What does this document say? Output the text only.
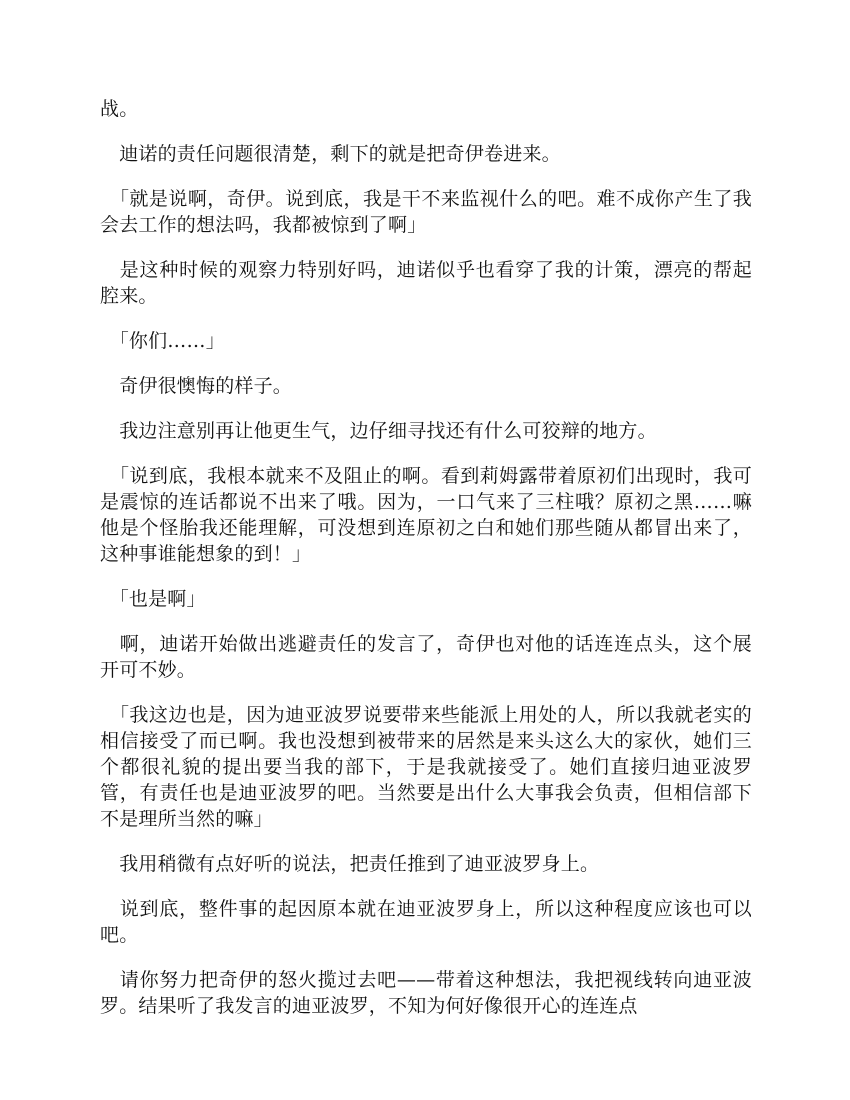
战。

　迪诺的责任问题很清楚，剩下的就是把奇伊卷进来。

　「就是说啊，奇伊。说到底，我是干不来监视什么的吧。难不成你产生了我会去工作的想法吗，我都被惊到了啊」

　是这种时候的观察力特别好吗，迪诺似乎也看穿了我的计策，漂亮的帮起腔来。

　「你们……」

　奇伊很懊悔的样子。

　我边注意别再让他更生气，边仔细寻找还有什么可狡辩的地方。

　「说到底，我根本就来不及阻止的啊。看到莉姆露带着原初们出现时，我可是震惊的连话都说不出来了哦。因为，一口气来了三柱哦？原初之黑……嘛他是个怪胎我还能理解，可没想到连原初之白和她们那些随从都冒出来了，这种事谁能想象的到！」

　「也是啊」

　啊，迪诺开始做出逃避责任的发言了，奇伊也对他的话连连点头，这个展开可不妙。

　「我这边也是，因为迪亚波罗说要带来些能派上用处的人，所以我就老实的相信接受了而已啊。我也没想到被带来的居然是来头这么大的家伙，她们三个都很礼貌的提出要当我的部下，于是我就接受了。她们直接归迪亚波罗管，有责任也是迪亚波罗的吧。当然要是出什么大事我会负责，但相信部下不是理所当然的嘛」

　我用稍微有点好听的说法，把责任推到了迪亚波罗身上。

　说到底，整件事的起因原本就在迪亚波罗身上，所以这种程度应该也可以吧。

　请你努力把奇伊的怒火揽过去吧——带着这种想法，我把视线转向迪亚波罗。结果听了我发言的迪亚波罗，不知为何好像很开心的连连点
